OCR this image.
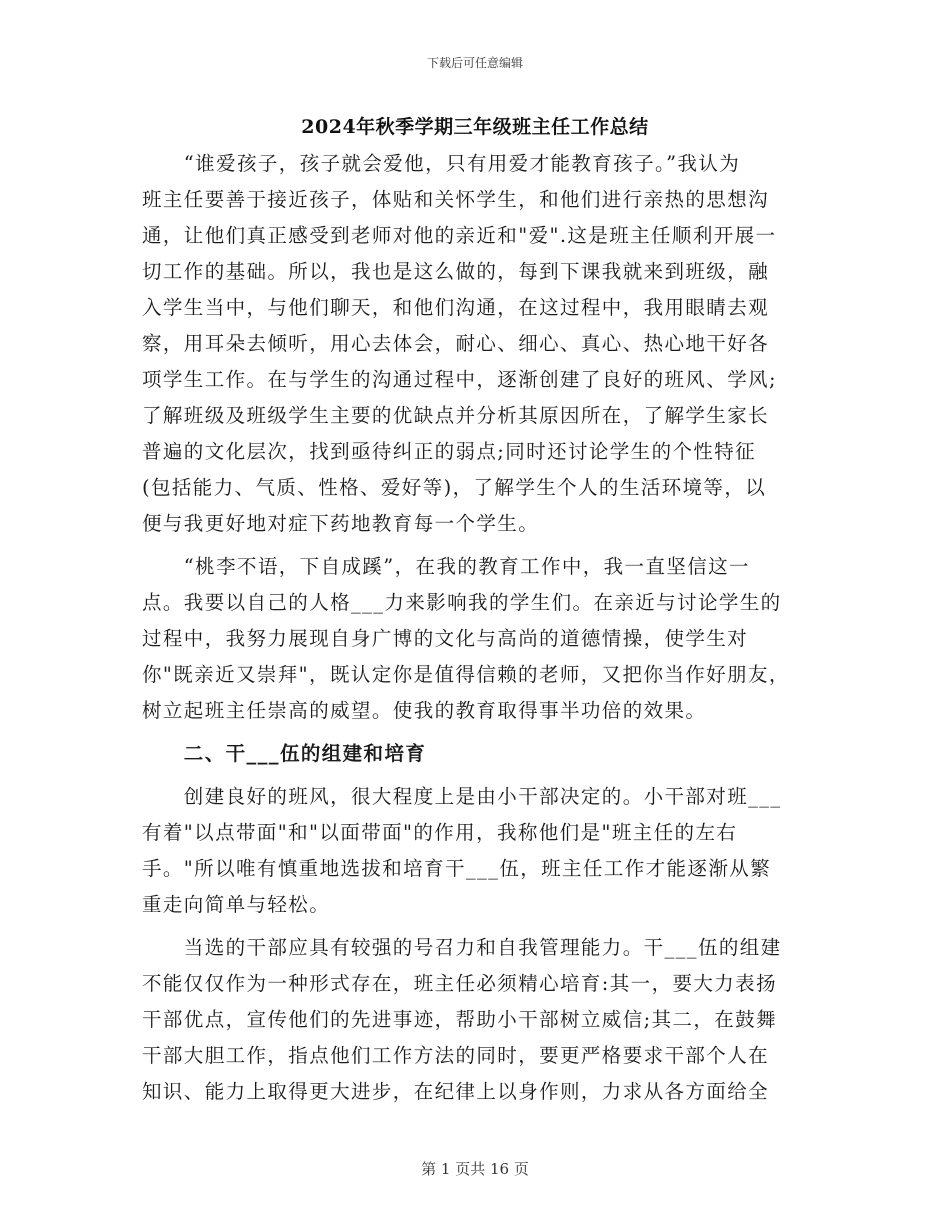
下载后可任意编辑
2024年秋季学期三年级班主任工作总结
　　“谁爱孩子，孩子就会爱他，只有用爱才能教育孩子。”我认为
班主任要善于接近孩子，体贴和关怀学生，和他们进行亲热的思想沟
通，让他们真正感受到老师对他的亲近和"爱".这是班主任顺利开展一
切工作的基础。所以，我也是这么做的，每到下课我就来到班级，融
入学生当中，与他们聊天，和他们沟通，在这过程中，我用眼睛去观
察，用耳朵去倾听，用心去体会，耐心、细心、真心、热心地干好各
项学生工作。在与学生的沟通过程中，逐渐创建了良好的班风、学风;
了解班级及班级学生主要的优缺点并分析其原因所在，了解学生家长
普遍的文化层次，找到亟待纠正的弱点;同时还讨论学生的个性特征
(包括能力、气质、性格、爱好等)，了解学生个人的生活环境等，以
便与我更好地对症下药地教育每一个学生。
　　“桃李不语，下自成蹊”，在我的教育工作中，我一直坚信这一
点。我要以自己的人格___力来影响我的学生们。在亲近与讨论学生的
过程中，我努力展现自身广博的文化与高尚的道德情操，使学生对
你"既亲近又崇拜"，既认定你是值得信赖的老师，又把你当作好朋友，
树立起班主任崇高的威望。使我的教育取得事半功倍的效果。
　　二、干___伍的组建和培育
　　创建良好的班风，很大程度上是由小干部决定的。小干部对班___
有着"以点带面"和"以面带面"的作用，我称他们是"班主任的左右
手。"所以唯有慎重地选拔和培育干___伍，班主任工作才能逐渐从繁
重走向简单与轻松。
　　当选的干部应具有较强的号召力和自我管理能力。干___伍的组建
不能仅仅作为一种形式存在，班主任必须精心培育:其一，要大力表扬
干部优点，宣传他们的先进事迹，帮助小干部树立威信;其二，在鼓舞
干部大胆工作，指点他们工作方法的同时，要更严格要求干部个人在
知识、能力上取得更大进步，在纪律上以身作则，力求从各方面给全
第 1 页共 16 页
